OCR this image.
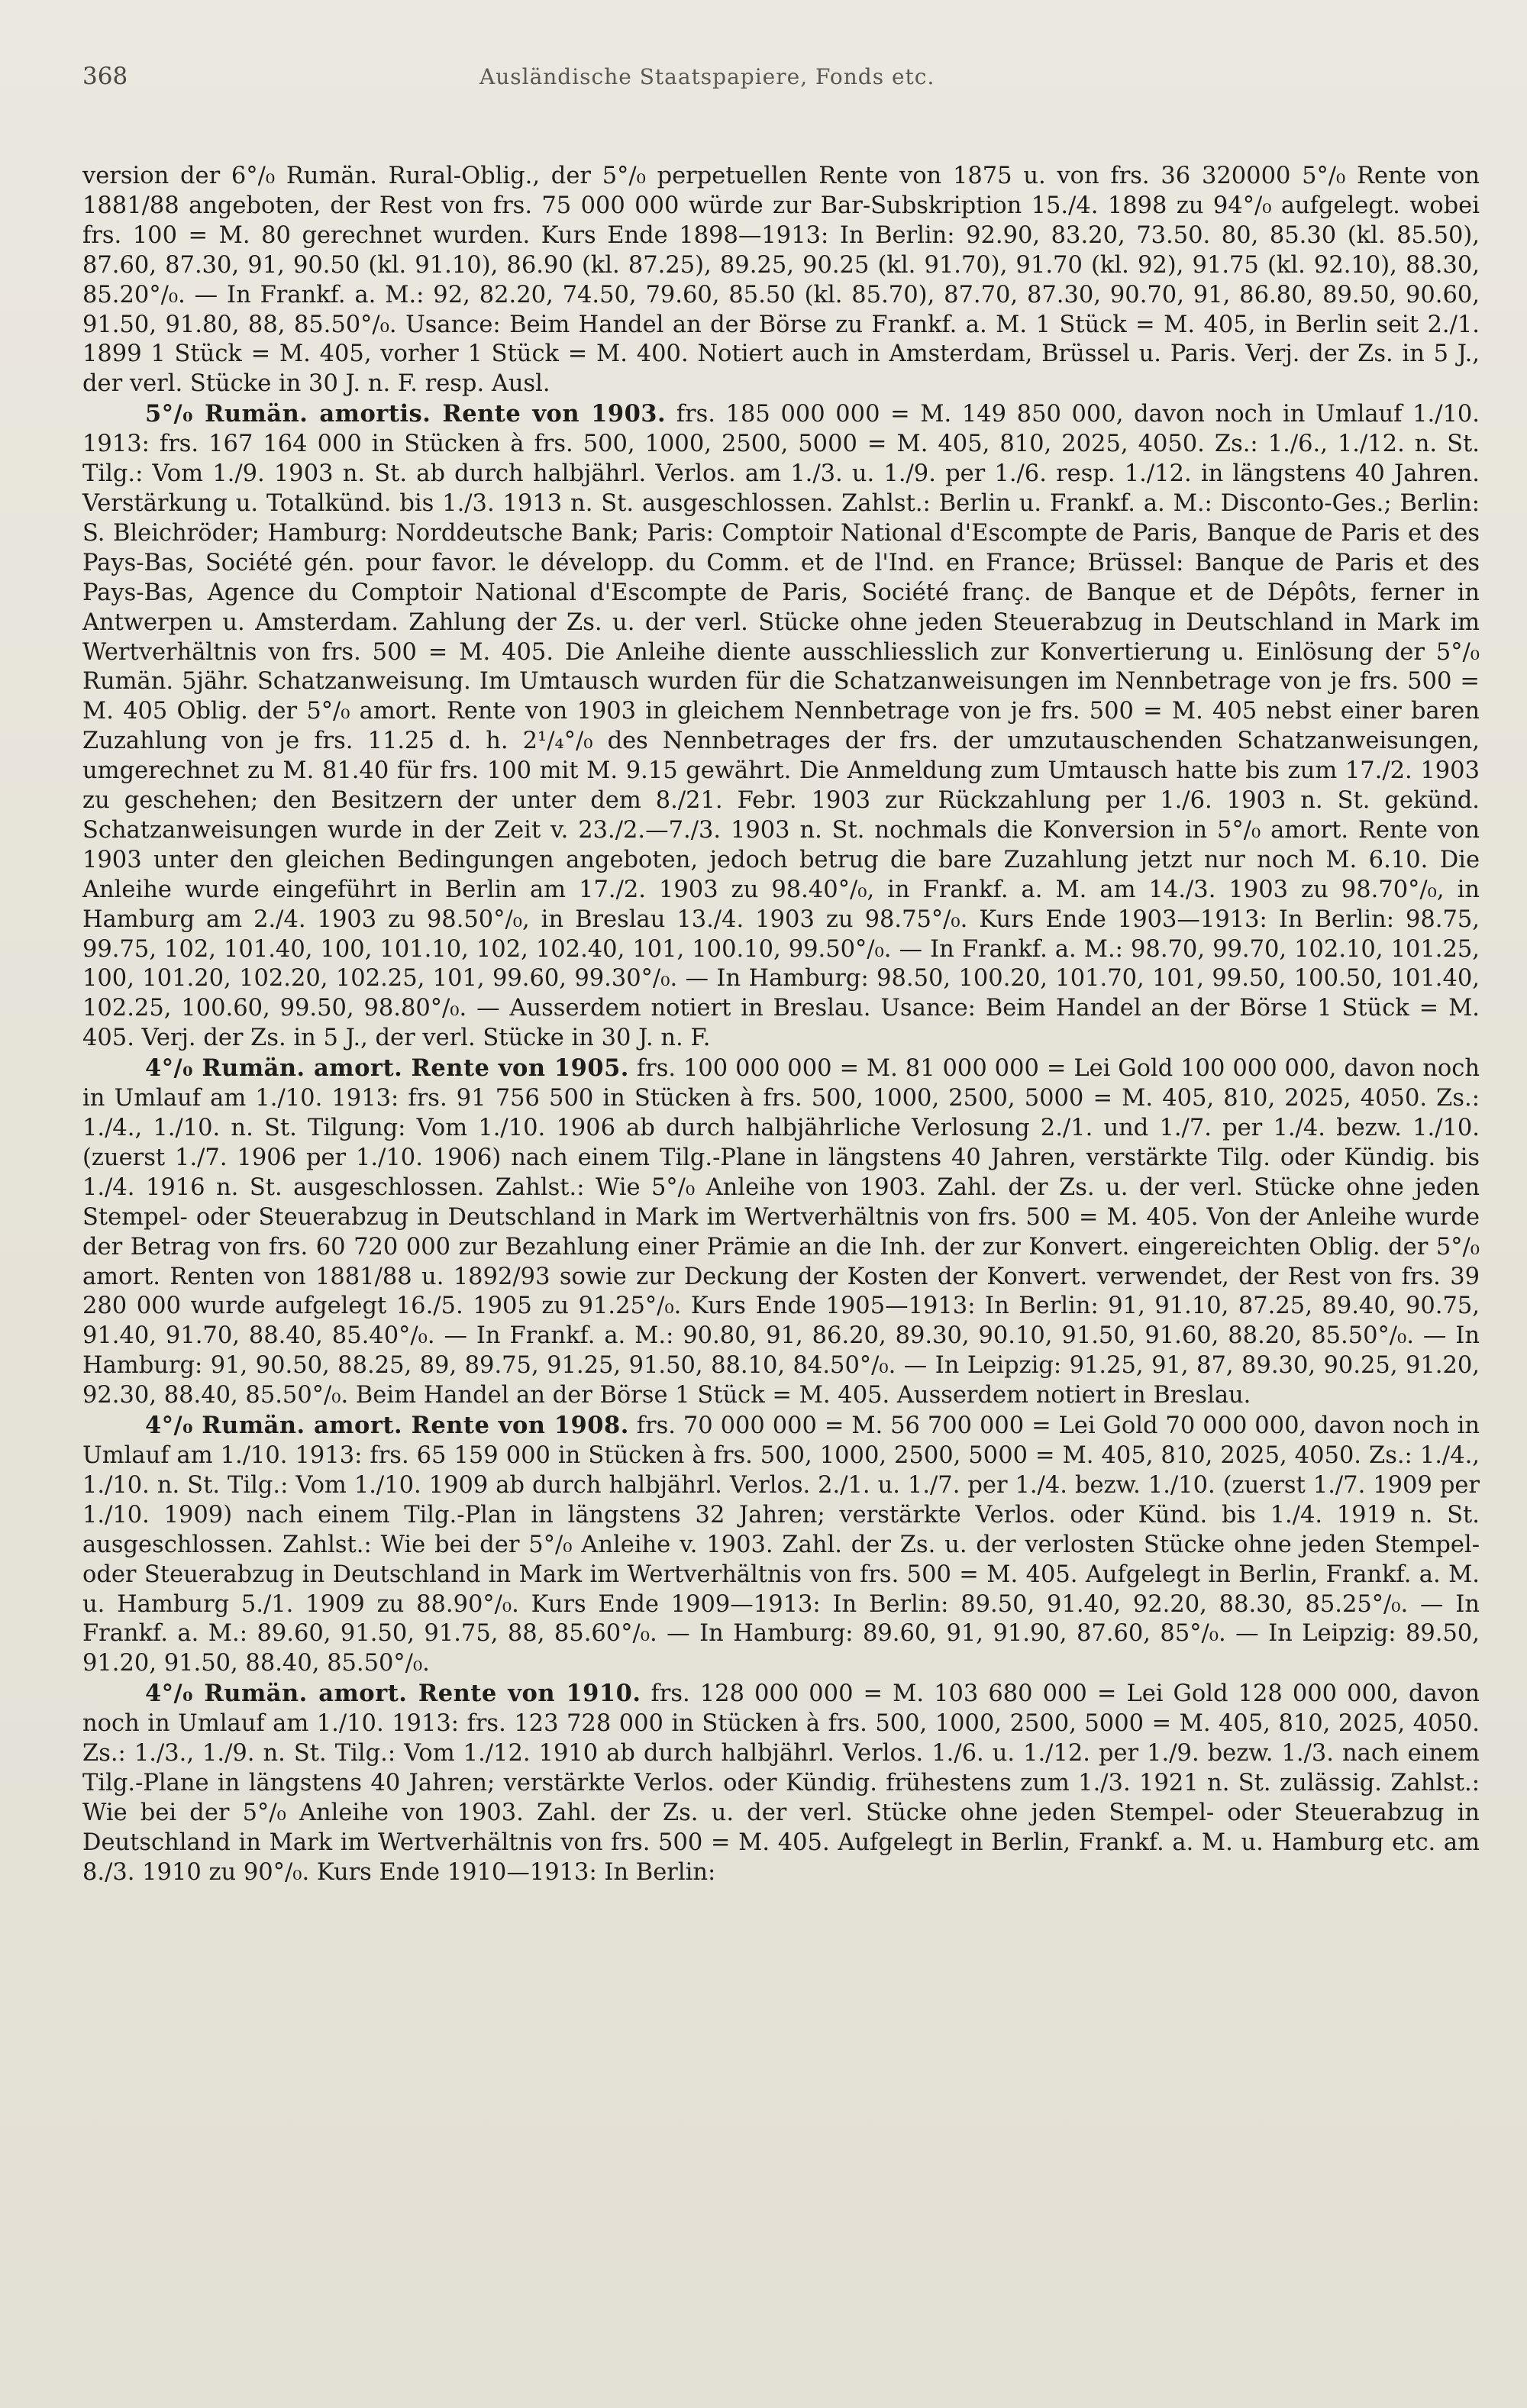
368	Ausländische Staatspapiere, Fonds etc.

version der 6°/₀ Rumän. Rural-Oblig., der 5°/₀ perpetuellen Rente von 1875 u. von frs. 36 320000 5°/₀ Rente von 1881/88 angeboten, der Rest von frs. 75 000 000 würde zur Bar-Subskription 15./4. 1898 zu 94°/₀ aufgelegt. wobei frs. 100 = M. 80 gerechnet wurden. Kurs Ende 1898—1913: In Berlin: 92.90, 83.20, 73.50. 80, 85.30 (kl. 85.50), 87.60, 87.30, 91, 90.50 (kl. 91.10), 86.90 (kl. 87.25), 89.25, 90.25 (kl. 91.70), 91.70 (kl. 92), 91.75 (kl. 92.10), 88.30, 85.20°/₀. — In Frankf. a. M.: 92, 82.20, 74.50, 79.60, 85.50 (kl. 85.70), 87.70, 87.30, 90.70, 91, 86.80, 89.50, 90.60, 91.50, 91.80, 88, 85.50°/₀. Usance: Beim Handel an der Börse zu Frankf. a. M. 1 Stück = M. 405, in Berlin seit 2./1. 1899 1 Stück = M. 405, vorher 1 Stück = M. 400. Notiert auch in Amsterdam, Brüssel u. Paris. Verj. der Zs. in 5 J., der verl. Stücke in 30 J. n. F. resp. Ausl.

5°/₀ Rumän. amortis. Rente von 1903. frs. 185 000 000 = M. 149 850 000, davon noch in Umlauf 1./10. 1913: frs. 167 164 000 in Stücken à frs. 500, 1000, 2500, 5000 = M. 405, 810, 2025, 4050. Zs.: 1./6., 1./12. n. St. Tilg.: Vom 1./9. 1903 n. St. ab durch halbjährl. Verlos. am 1./3. u. 1./9. per 1./6. resp. 1./12. in längstens 40 Jahren. Verstärkung u. Totalkünd. bis 1./3. 1913 n. St. ausgeschlossen. Zahlst.: Berlin u. Frankf. a. M.: Disconto-Ges.; Berlin: S. Bleichröder; Hamburg: Norddeutsche Bank; Paris: Comptoir National d'Escompte de Paris, Banque de Paris et des Pays-Bas, Société gén. pour favor. le développ. du Comm. et de l'Ind. en France; Brüssel: Banque de Paris et des Pays-Bas, Agence du Comptoir National d'Escompte de Paris, Société franç. de Banque et de Dépôts, ferner in Antwerpen u. Amsterdam. Zahlung der Zs. u. der verl. Stücke ohne jeden Steuerabzug in Deutschland in Mark im Wertverhältnis von frs. 500 = M. 405. Die Anleihe diente ausschliesslich zur Konvertierung u. Einlösung der 5°/₀ Rumän. 5jähr. Schatzanweisung. Im Umtausch wurden für die Schatzanweisungen im Nennbetrage von je frs. 500 = M. 405 Oblig. der 5°/₀ amort. Rente von 1903 in gleichem Nennbetrage von je frs. 500 = M. 405 nebst einer baren Zuzahlung von je frs. 11.25 d. h. 2¹/₄°/₀ des Nennbetrages der frs. der umzutauschenden Schatzanweisungen, umgerechnet zu M. 81.40 für frs. 100 mit M. 9.15 gewährt. Die Anmeldung zum Umtausch hatte bis zum 17./2. 1903 zu geschehen; den Besitzern der unter dem 8./21. Febr. 1903 zur Rückzahlung per 1./6. 1903 n. St. gekünd. Schatzanweisungen wurde in der Zeit v. 23./2.—7./3. 1903 n. St. nochmals die Konversion in 5°/₀ amort. Rente von 1903 unter den gleichen Bedingungen angeboten, jedoch betrug die bare Zuzahlung jetzt nur noch M. 6.10. Die Anleihe wurde eingeführt in Berlin am 17./2. 1903 zu 98.40°/₀, in Frankf. a. M. am 14./3. 1903 zu 98.70°/₀, in Hamburg am 2./4. 1903 zu 98.50°/₀, in Breslau 13./4. 1903 zu 98.75°/₀. Kurs Ende 1903—1913: In Berlin: 98.75, 99.75, 102, 101.40, 100, 101.10, 102, 102.40, 101, 100.10, 99.50°/₀. — In Frankf. a. M.: 98.70, 99.70, 102.10, 101.25, 100, 101.20, 102.20, 102.25, 101, 99.60, 99.30°/₀. — In Hamburg: 98.50, 100.20, 101.70, 101, 99.50, 100.50, 101.40, 102.25, 100.60, 99.50, 98.80°/₀. — Ausserdem notiert in Breslau. Usance: Beim Handel an der Börse 1 Stück = M. 405. Verj. der Zs. in 5 J., der verl. Stücke in 30 J. n. F.

4°/₀ Rumän. amort. Rente von 1905. frs. 100 000 000 = M. 81 000 000 = Lei Gold 100 000 000, davon noch in Umlauf am 1./10. 1913: frs. 91 756 500 in Stücken à frs. 500, 1000, 2500, 5000 = M. 405, 810, 2025, 4050. Zs.: 1./4., 1./10. n. St. Tilgung: Vom 1./10. 1906 ab durch halbjährliche Verlosung 2./1. und 1./7. per 1./4. bezw. 1./10. (zuerst 1./7. 1906 per 1./10. 1906) nach einem Tilg.-Plane in längstens 40 Jahren, verstärkte Tilg. oder Kündig. bis 1./4. 1916 n. St. ausgeschlossen. Zahlst.: Wie 5°/₀ Anleihe von 1903. Zahl. der Zs. u. der verl. Stücke ohne jeden Stempel- oder Steuerabzug in Deutschland in Mark im Wertverhältnis von frs. 500 = M. 405. Von der Anleihe wurde der Betrag von frs. 60 720 000 zur Bezahlung einer Prämie an die Inh. der zur Konvert. eingereichten Oblig. der 5°/₀ amort. Renten von 1881/88 u. 1892/93 sowie zur Deckung der Kosten der Konvert. verwendet, der Rest von frs. 39 280 000 wurde aufgelegt 16./5. 1905 zu 91.25°/₀. Kurs Ende 1905—1913: In Berlin: 91, 91.10, 87.25, 89.40, 90.75, 91.40, 91.70, 88.40, 85.40°/₀. — In Frankf. a. M.: 90.80, 91, 86.20, 89.30, 90.10, 91.50, 91.60, 88.20, 85.50°/₀. — In Hamburg: 91, 90.50, 88.25, 89, 89.75, 91.25, 91.50, 88.10, 84.50°/₀. — In Leipzig: 91.25, 91, 87, 89.30, 90.25, 91.20, 92.30, 88.40, 85.50°/₀. Beim Handel an der Börse 1 Stück = M. 405. Ausserdem notiert in Breslau.

4°/₀ Rumän. amort. Rente von 1908. frs. 70 000 000 = M. 56 700 000 = Lei Gold 70 000 000, davon noch in Umlauf am 1./10. 1913: frs. 65 159 000 in Stücken à frs. 500, 1000, 2500, 5000 = M. 405, 810, 2025, 4050. Zs.: 1./4., 1./10. n. St. Tilg.: Vom 1./10. 1909 ab durch halbjährl. Verlos. 2./1. u. 1./7. per 1./4. bezw. 1./10. (zuerst 1./7. 1909 per 1./10. 1909) nach einem Tilg.-Plan in längstens 32 Jahren; verstärkte Verlos. oder Künd. bis 1./4. 1919 n. St. ausgeschlossen. Zahlst.: Wie bei der 5°/₀ Anleihe v. 1903. Zahl. der Zs. u. der verlosten Stücke ohne jeden Stempel- oder Steuerabzug in Deutschland in Mark im Wertverhältnis von frs. 500 = M. 405. Aufgelegt in Berlin, Frankf. a. M. u. Hamburg 5./1. 1909 zu 88.90°/₀. Kurs Ende 1909—1913: In Berlin: 89.50, 91.40, 92.20, 88.30, 85.25°/₀. — In Frankf. a. M.: 89.60, 91.50, 91.75, 88, 85.60°/₀. — In Hamburg: 89.60, 91, 91.90, 87.60, 85°/₀. — In Leipzig: 89.50, 91.20, 91.50, 88.40, 85.50°/₀.

4°/₀ Rumän. amort. Rente von 1910. frs. 128 000 000 = M. 103 680 000 = Lei Gold 128 000 000, davon noch in Umlauf am 1./10. 1913: frs. 123 728 000 in Stücken à frs. 500, 1000, 2500, 5000 = M. 405, 810, 2025, 4050. Zs.: 1./3., 1./9. n. St. Tilg.: Vom 1./12. 1910 ab durch halbjährl. Verlos. 1./6. u. 1./12. per 1./9. bezw. 1./3. nach einem Tilg.-Plane in längstens 40 Jahren; verstärkte Verlos. oder Kündig. frühestens zum 1./3. 1921 n. St. zulässig. Zahlst.: Wie bei der 5°/₀ Anleihe von 1903. Zahl. der Zs. u. der verl. Stücke ohne jeden Stempel- oder Steuerabzug in Deutschland in Mark im Wertverhältnis von frs. 500 = M. 405. Aufgelegt in Berlin, Frankf. a. M. u. Hamburg etc. am 8./3. 1910 zu 90°/₀. Kurs Ende 1910—1913: In Berlin:
